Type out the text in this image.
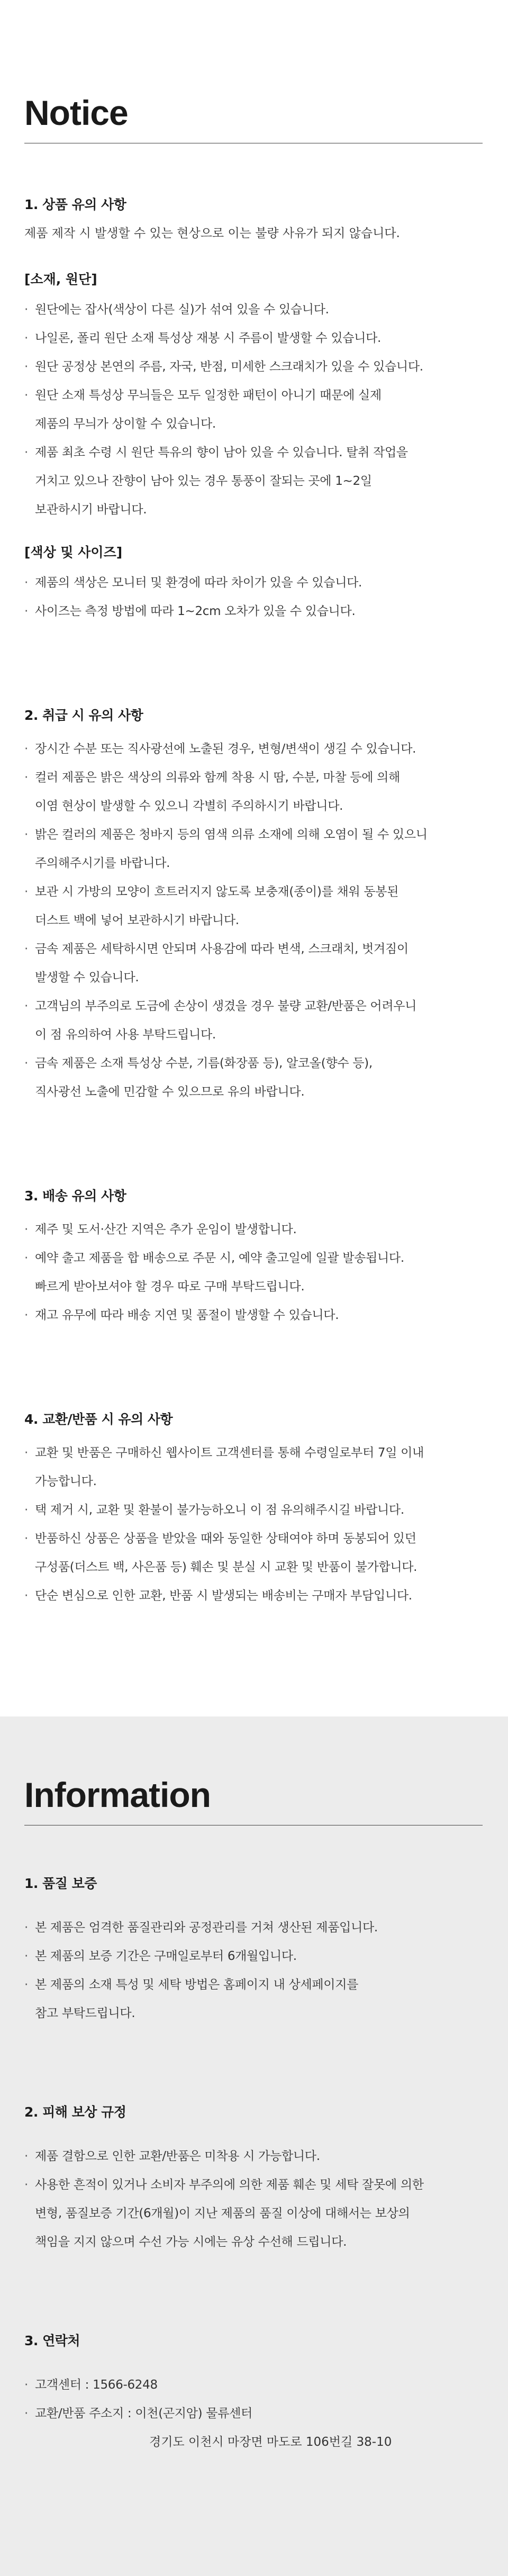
Notice
1. 상품 유의 사항

제품 제작 시 발생할 수 있는 현상으로 이는 불량 사유가 되지 않습니다.

[소재, 원단]
· 원단에는 잡사(색상이 다른 실)가 섞여 있을 수 있습니다.
· 나일론, 폴리 원단 소재 특성상 재봉 시 주름이 발생할 수 있습니다.
· 원단 공정상 본연의 주름, 자국, 반점, 미세한 스크래치가 있을 수 있습니다.
· 원단 소재 특성상 무늬들은 모두 일정한 패턴이 아니기 때문에 실제
제품의 무늬가 상이할 수 있습니다.
· 제품 최초 수령 시 원단 특유의 향이 남아 있을 수 있습니다. 탈취 작업을
거치고 있으나 잔향이 남아 있는 경우 통풍이 잘되는 곳에 1~2일
보관하시기 바랍니다.
[색상 및 사이즈]
· 제품의 색상은 모니터 및 환경에 따라 차이가 있을 수 있습니다.
· 사이즈는 측정 방법에 따라 1~2cm 오차가 있을 수 있습니다.
2. 취급 시 유의 사항
· 장시간 수분 또는 직사광선에 노출된 경우, 변형/변색이 생길 수 있습니다.
· 컬러 제품은 밝은 색상의 의류와 함께 착용 시 땀, 수분, 마찰 등에 의해
이염 현상이 발생할 수 있으니 각별히 주의하시기 바랍니다.
· 밝은 컬러의 제품은 청바지 등의 염색 의류 소재에 의해 오염이 될 수 있으니
주의해주시기를 바랍니다.
· 보관 시 가방의 모양이 흐트러지지 않도록 보충재(종이)를 채워 동봉된
더스트 백에 넣어 보관하시기 바랍니다.
· 금속 제품은 세탁하시면 안되며 사용감에 따라 변색, 스크래치, 벗겨짐이
발생할 수 있습니다.
· 고객님의 부주의로 도금에 손상이 생겼을 경우 불량 교환/반품은 어려우니
이 점 유의하여 사용 부탁드립니다.
· 금속 제품은 소재 특성상 수분, 기름(화장품 등), 알코올(향수 등),
직사광선 노출에 민감할 수 있으므로 유의 바랍니다.
3. 배송 유의 사항
· 제주 및 도서·산간 지역은 추가 운임이 발생합니다.
· 예약 출고 제품을 합 배송으로 주문 시, 예약 출고일에 일괄 발송됩니다.
빠르게 받아보셔야 할 경우 따로 구매 부탁드립니다.
· 재고 유무에 따라 배송 지연 및 품절이 발생할 수 있습니다.
4. 교환/반품 시 유의 사항
· 교환 및 반품은 구매하신 웹사이트 고객센터를 통해 수령일로부터 7일 이내
가능합니다.
· 택 제거 시, 교환 및 환불이 불가능하오니 이 점 유의해주시길 바랍니다.
· 반품하신 상품은 상품을 받았을 때와 동일한 상태여야 하며 동봉되어 있던
구성품(더스트 백, 사은품 등) 훼손 및 분실 시 교환 및 반품이 불가합니다.
· 단순 변심으로 인한 교환, 반품 시 발생되는 배송비는 구매자 부담입니다.
Information
1. 품질 보증
· 본 제품은 엄격한 품질관리와 공정관리를 거쳐 생산된 제품입니다.
· 본 제품의 보증 기간은 구매일로부터 6개월입니다.
· 본 제품의 소재 특성 및 세탁 방법은 홈페이지 내 상세페이지를
참고 부탁드립니다.
2. 피해 보상 규정
· 제품 결함으로 인한 교환/반품은 미착용 시 가능합니다.
· 사용한 흔적이 있거나 소비자 부주의에 의한 제품 훼손 및 세탁 잘못에 의한
변형, 품질보증 기간(6개월)이 지난 제품의 품질 이상에 대해서는 보상의
책임을 지지 않으며 수선 가능 시에는 유상 수선해 드립니다.
3. 연락처
· 고객센터 : 1566-6248
· 교환/반품 주소지 : 이천(곤지암) 물류센터
경기도 이천시 마장면 마도로 106번길 38-10
